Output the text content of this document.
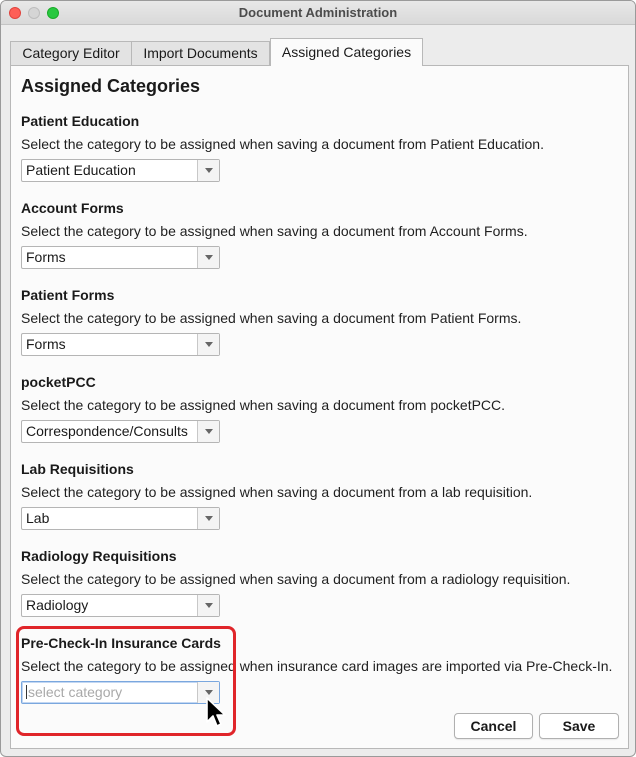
Document Administration
Category Editor	Import Documents	Assigned Categories
Assigned Categories
Patient Education
Select the category to be assigned when saving a document from Patient Education.
Patient Education
Account Forms
Select the category to be assigned when saving a document from Account Forms.
Forms
Patient Forms
Select the category to be assigned when saving a document from Patient Forms.
Forms
pocketPCC
Select the category to be assigned when saving a document from pocketPCC.
Correspondence/Consults
Lab Requisitions
Select the category to be assigned when saving a document from a lab requisition.
Lab
Radiology Requisitions
Select the category to be assigned when saving a document from a radiology requisition.
Radiology
Pre-Check-In Insurance Cards
Select the category to be assigned when insurance card images are imported via Pre-Check-In.
select category
Cancel	Save
